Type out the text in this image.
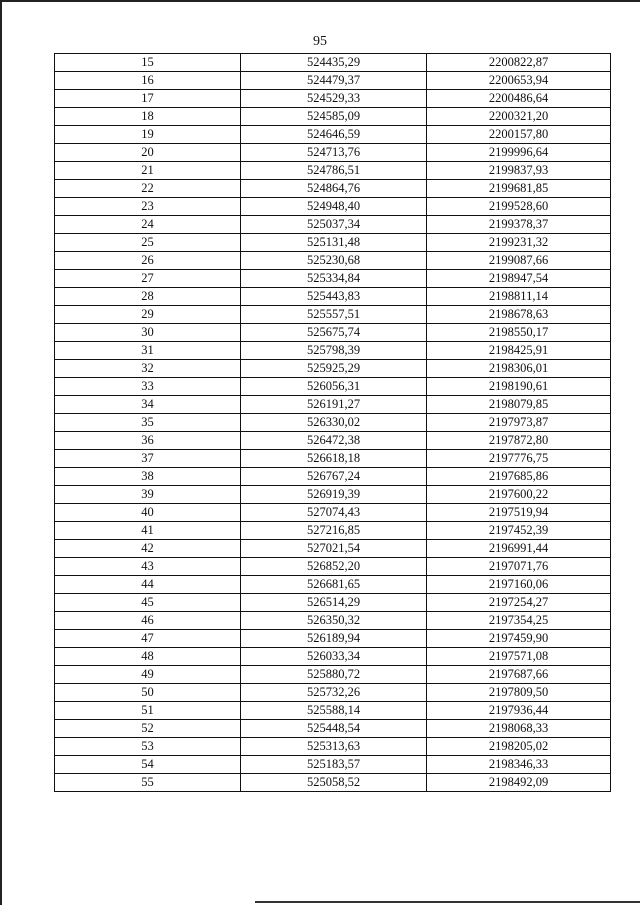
95
15	524435,29	2200822,87
16	524479,37	2200653,94
17	524529,33	2200486,64
18	524585,09	2200321,20
19	524646,59	2200157,80
20	524713,76	2199996,64
21	524786,51	2199837,93
22	524864,76	2199681,85
23	524948,40	2199528,60
24	525037,34	2199378,37
25	525131,48	2199231,32
26	525230,68	2199087,66
27	525334,84	2198947,54
28	525443,83	2198811,14
29	525557,51	2198678,63
30	525675,74	2198550,17
31	525798,39	2198425,91
32	525925,29	2198306,01
33	526056,31	2198190,61
34	526191,27	2198079,85
35	526330,02	2197973,87
36	526472,38	2197872,80
37	526618,18	2197776,75
38	526767,24	2197685,86
39	526919,39	2197600,22
40	527074,43	2197519,94
41	527216,85	2197452,39
42	527021,54	2196991,44
43	526852,20	2197071,76
44	526681,65	2197160,06
45	526514,29	2197254,27
46	526350,32	2197354,25
47	526189,94	2197459,90
48	526033,34	2197571,08
49	525880,72	2197687,66
50	525732,26	2197809,50
51	525588,14	2197936,44
52	525448,54	2198068,33
53	525313,63	2198205,02
54	525183,57	2198346,33
55	525058,52	2198492,09
